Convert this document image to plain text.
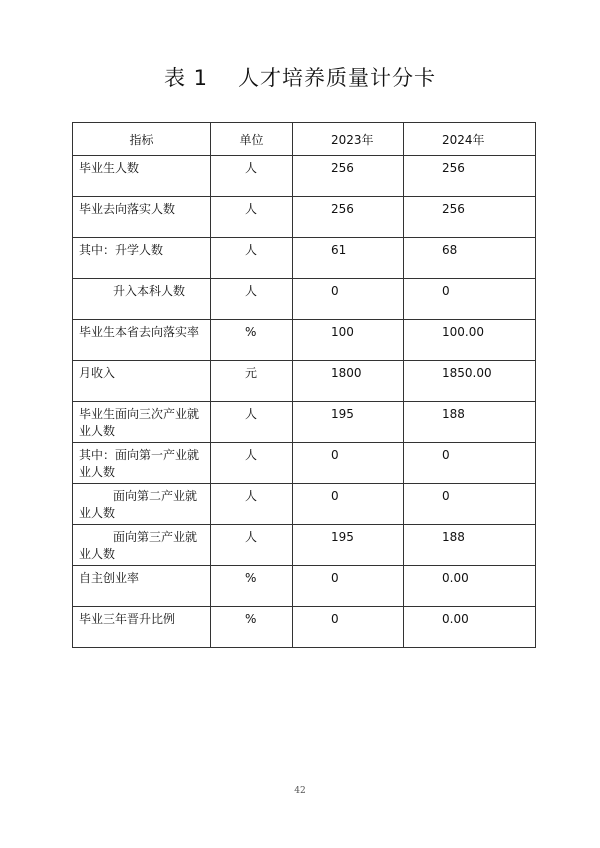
表 1 人才培养质量计分卡
指标	单位	2023年	2024年
毕业生人数	人	256	256
毕业去向落实人数	人	256	256
其中：升学人数	人	61	68
升入本科人数	人	0	0
毕业生本省去向落实率	%	100	100.00
月收入	元	1800	1850.00

毕业生面向三次产业就
业人数	人	195	188

其中：面向第一产业就
业人数	人	0	0

面向第二产业就
业人数	人	0	0

面向第三产业就
业人数	人	195	188
自主创业率	%	0	0.00
毕业三年晋升比例	%	0	0.00
42
